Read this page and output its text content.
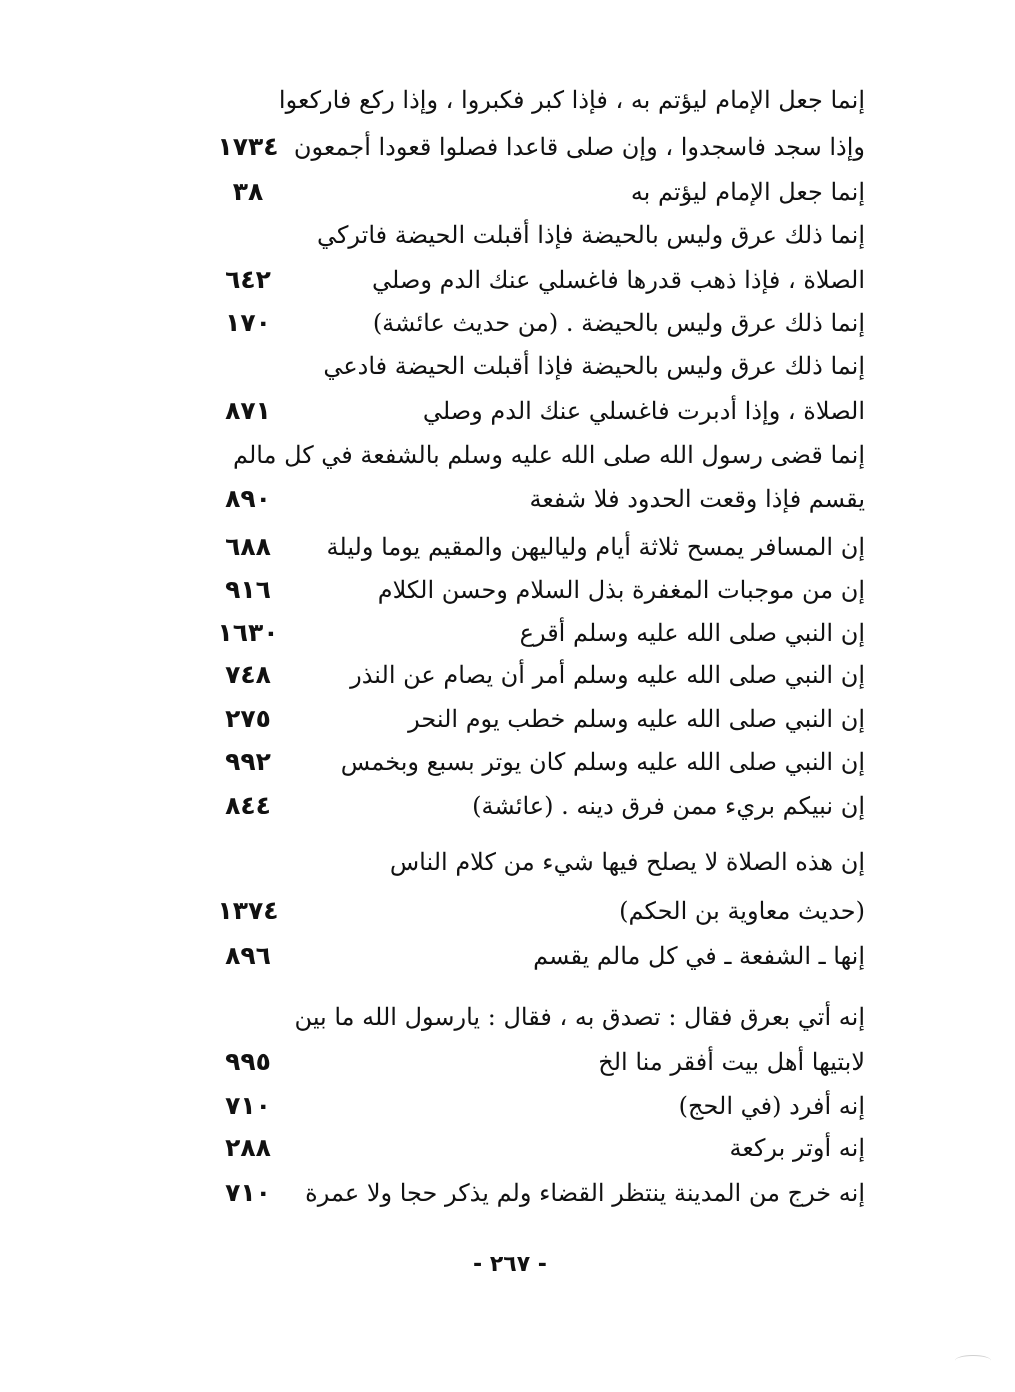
إنما جعل الإمام ليؤتم به ، فإذا كبر فكبروا ، وإذا ركع فاركعوا
وإذا سجد فاسجدوا ، وإن صلى قاعدا فصلوا قعودا أجمعون
١٧٣٤
إنما جعل الإمام ليؤتم به
٣٨
إنما ذلك عرق وليس بالحيضة فإذا أقبلت الحيضة فاتركي
الصلاة ، فإذا ذهب قدرها فاغسلي عنك الدم وصلي
٦٤٢
إنما ذلك عرق وليس بالحيضة . (من حديث عائشة)
١٧٠
إنما ذلك عرق وليس بالحيضة فإذا أقبلت الحيضة فادعي
الصلاة ، وإذا أدبرت فاغسلي عنك الدم وصلي
٨٧١
إنما قضى رسول الله صلى الله عليه وسلم بالشفعة في كل مالم
يقسم فإذا وقعت الحدود فلا شفعة
٨٩٠
إن المسافر يمسح ثلاثة أيام ولياليهن والمقيم يوما وليلة
٦٨٨
إن من موجبات المغفرة بذل السلام وحسن الكلام
٩١٦
إن النبي صلى الله عليه وسلم أقرع
١٦٣٠
إن النبي صلى الله عليه وسلم أمر أن يصام عن النذر
٧٤٨
إن النبي صلى الله عليه وسلم خطب يوم النحر
٢٧٥
إن النبي صلى الله عليه وسلم كان يوتر بسبع وبخمس
٩٩٢
إن نبيكم بريء ممن فرق دينه . (عائشة)
٨٤٤
إن هذه الصلاة لا يصلح فيها شيء من كلام الناس
(حديث معاوية بن الحكم)
١٣٧٤
إنها ـ الشفعة ـ في كل مالم يقسم
٨٩٦
إنه أتي بعرق فقال : تصدق به ، فقال : يارسول الله ما بين
لابتيها أهل بيت أفقر منا الخ
٩٩٥
إنه أفرد (في الحج)
٧١٠
إنه أوتر بركعة
٢٨٨
إنه خرج من المدينة ينتظر القضاء ولم يذكر حجا ولا عمرة
٧١٠
- ٢٦٧ -
